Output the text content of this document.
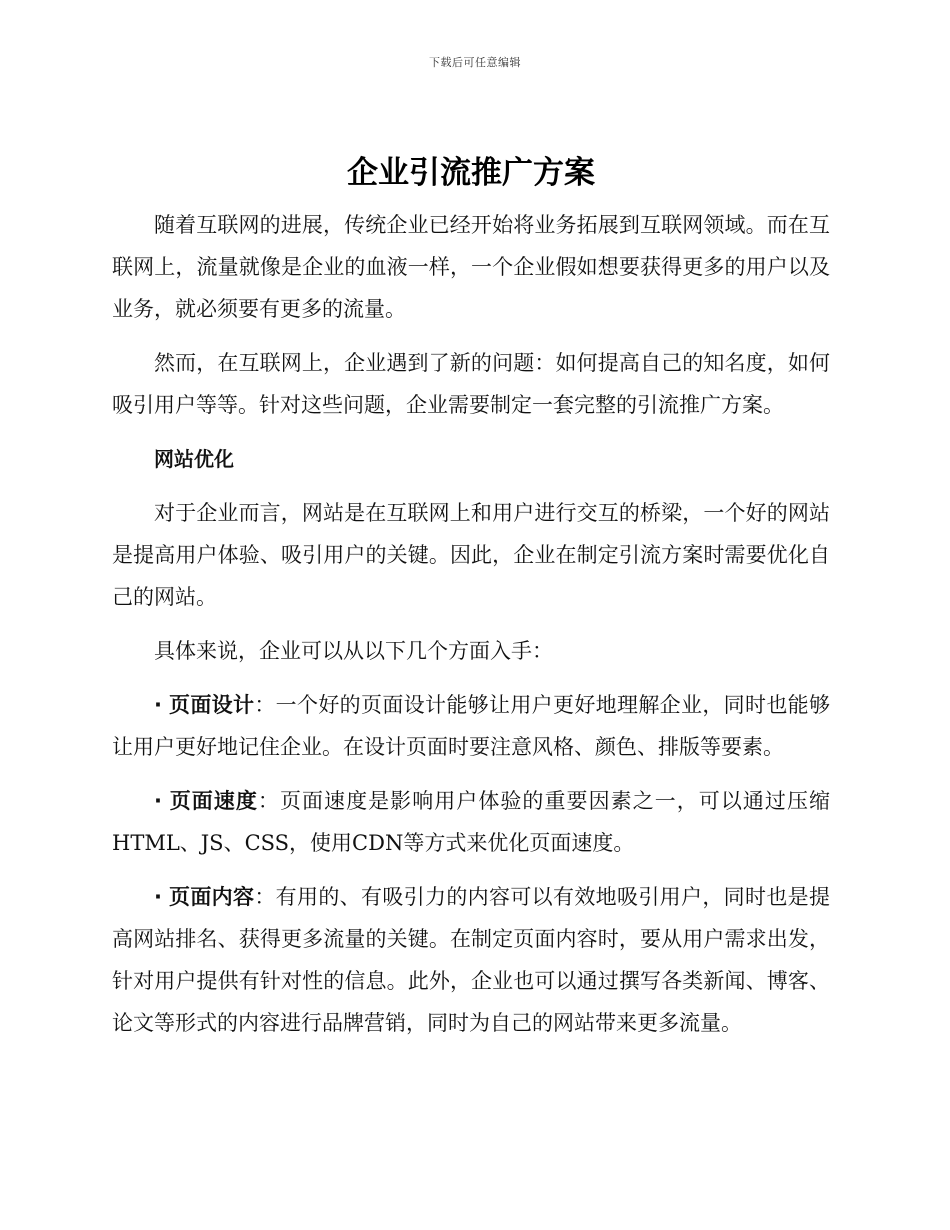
下载后可任意编辑
企业引流推广方案

随着互联网的进展，传统企业已经开始将业务拓展到互联网领域。而在互联网上，流量就像是企业的血液一样，一个企业假如想要获得更多的用户以及业务，就必须要有更多的流量。

然而，在互联网上，企业遇到了新的问题：如何提高自己的知名度，如何吸引用户等等。针对这些问题，企业需要制定一套完整的引流推广方案。

网站优化

对于企业而言，网站是在互联网上和用户进行交互的桥梁，一个好的网站是提高用户体验、吸引用户的关键。因此，企业在制定引流方案时需要优化自己的网站。

具体来说，企业可以从以下几个方面入手：

· 页面设计：一个好的页面设计能够让用户更好地理解企业，同时也能够让用户更好地记住企业。在设计页面时要注意风格、颜色、排版等要素。

· 页面速度：页面速度是影响用户体验的重要因素之一，可以通过压缩HTML、JS、CSS，使用CDN等方式来优化页面速度。

· 页面内容：有用的、有吸引力的内容可以有效地吸引用户，同时也是提高网站排名、获得更多流量的关键。在制定页面内容时，要从用户需求出发，针对用户提供有针对性的信息。此外，企业也可以通过撰写各类新闻、博客、论文等形式的内容进行品牌营销，同时为自己的网站带来更多流量。
